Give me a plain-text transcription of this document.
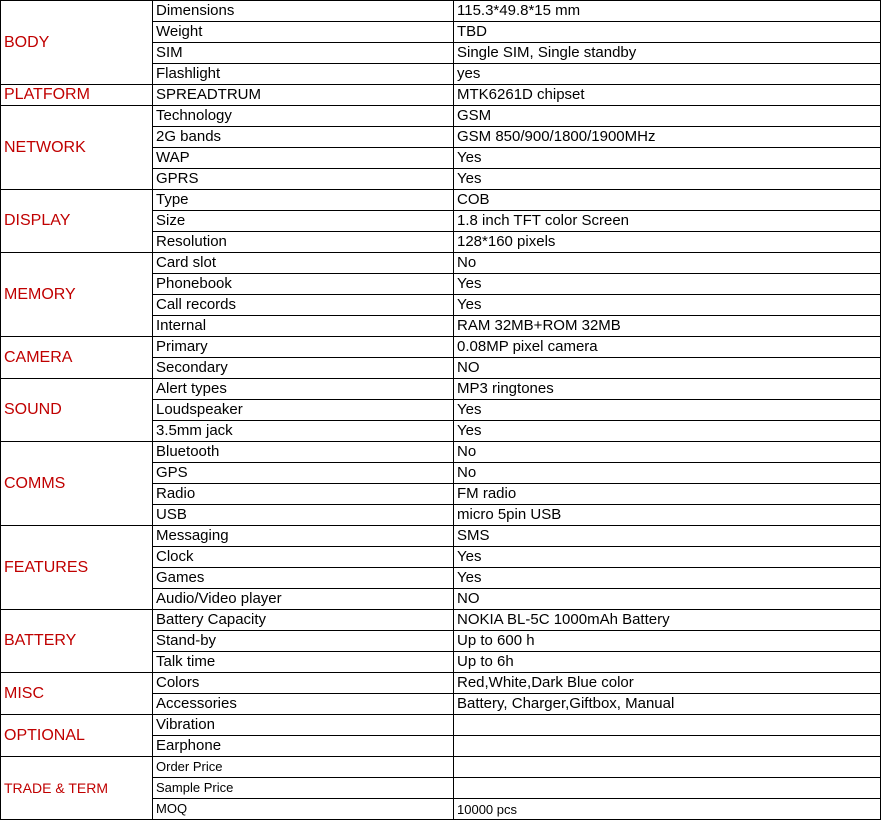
BODY	Dimensions	115.3*49.8*15 mm
	Weight	TBD
	SIM	Single SIM, Single standby
	Flashlight	yes
PLATFORM	SPREADTRUM	MTK6261D chipset
NETWORK	Technology	GSM
	2G bands	GSM 850/900/1800/1900MHz
	WAP	Yes
	GPRS	Yes
DISPLAY	Type	COB
	Size	1.8 inch TFT color Screen
	Resolution	128*160 pixels
MEMORY	Card slot	No
	Phonebook	Yes
	Call records	Yes
	Internal	RAM 32MB+ROM 32MB
CAMERA	Primary	0.08MP pixel camera
	Secondary	NO
SOUND	Alert types	MP3 ringtones
	Loudspeaker	Yes
	3.5mm jack	Yes
COMMS	Bluetooth	No
	GPS	No
	Radio	FM radio
	USB	micro 5pin USB
FEATURES	Messaging	SMS
	Clock	Yes
	Games	Yes
	Audio/Video player	NO
BATTERY	Battery Capacity	NOKIA BL-5C 1000mAh Battery
	Stand-by	Up to 600 h
	Talk time	Up to 6h
MISC	Colors	Red,White,Dark Blue color
	Accessories	Battery, Charger,Giftbox, Manual
OPTIONAL	Vibration	
	Earphone	
TRADE & TERM	Order Price	
	Sample Price	
	MOQ	10000 pcs
